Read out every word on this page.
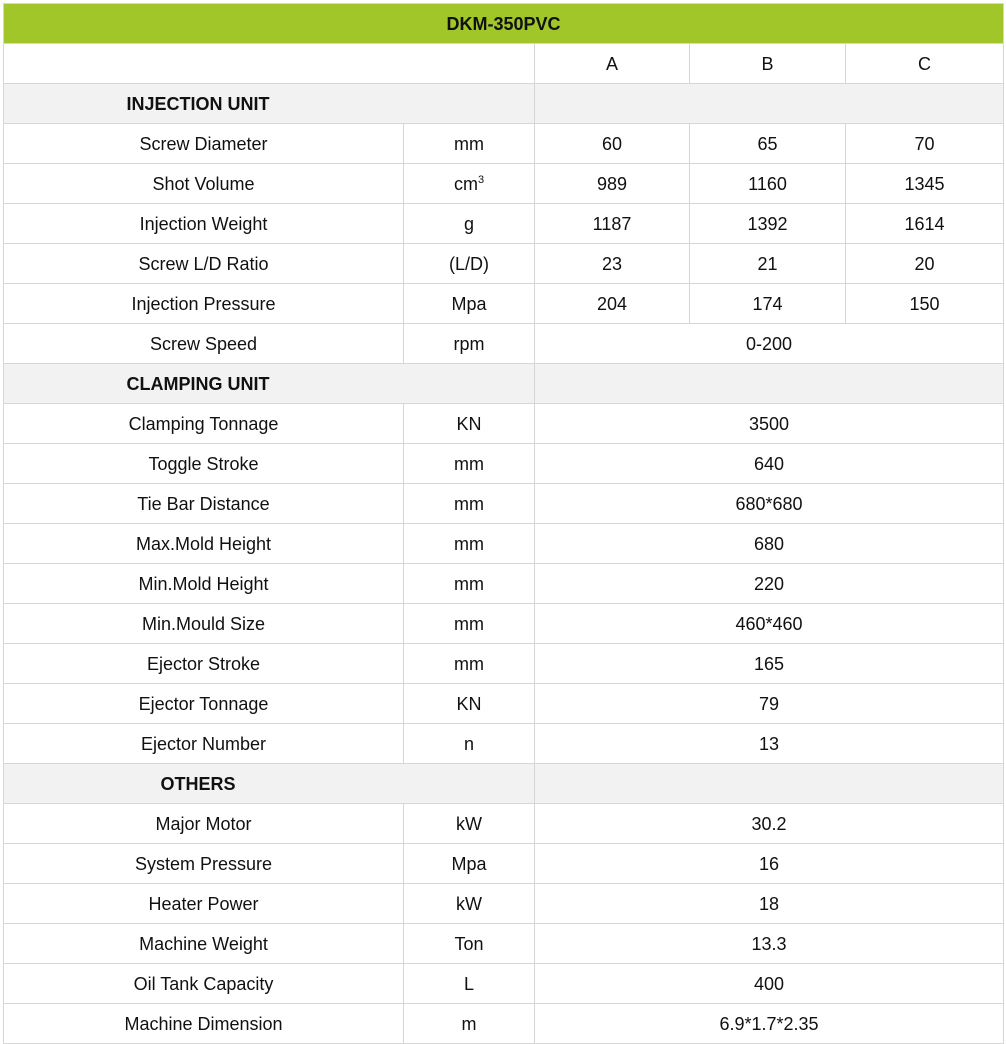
DKM-350PVC				
		A	B	C
INJECTION UNIT				
Screw Diameter	mm	60	65	70
Shot Volume	$cm^3$	989	1160	1345
Injection Weight	g	1187	1392	1614
Screw L/D Ratio	(L/D)	23	21	20
Injection Pressure	Mpa	204	174	150
Screw Speed	rpm	0-200		
CLAMPING UNIT				
Clamping Tonnage	KN	3500		
Toggle Stroke	mm	640		
Tie Bar Distance	mm	680*680		
Max.Mold Height	mm	680		
Min.Mold Height	mm	220		
Min.Mould Size	mm	460*460		
Ejector Stroke	mm	165		
Ejector Tonnage	KN	79		
Ejector Number	n	13		
OTHERS				
Major Motor	kW	30.2		
System Pressure	Mpa	16		
Heater Power	kW	18		
Machine Weight	Ton	13.3		
Oil Tank Capacity	L	400		
Machine Dimension	m	6.9*1.7*2.35		
